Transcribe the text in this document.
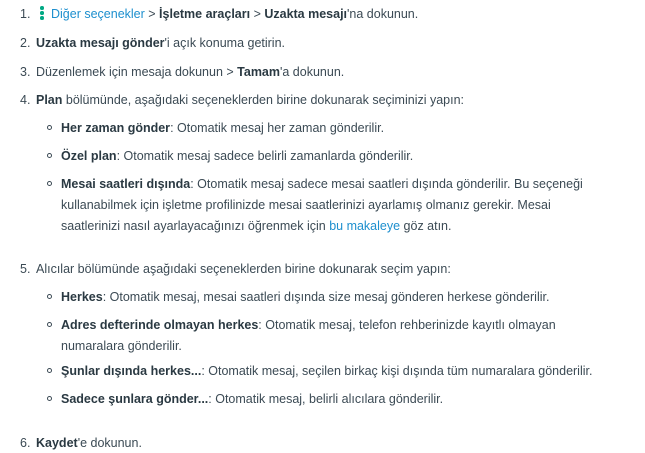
1.	Diğer seçenekler > İşletme araçları > Uzakta mesajı'na dokunun.
2. Uzakta mesajı gönder'i açık konuma getirin.
3. Düzenlemek için mesaja dokunun > Tamam'a dokunun.
4. Plan bölümünde, aşağıdaki seçeneklerden birine dokunarak seçiminizi yapın:
Her zaman gönder: Otomatik mesaj her zaman gönderilir.
Özel plan: Otomatik mesaj sadece belirli zamanlarda gönderilir.
Mesai saatleri dışında: Otomatik mesaj sadece mesai saatleri dışında gönderilir. Bu seçeneği
kullanabilmek için işletme profilinizde mesai saatlerinizi ayarlamış olmanız gerekir. Mesai
saatlerinizi nasıl ayarlayacağınızı öğrenmek için bu makaleye göz atın.
5. Alıcılar bölümünde aşağıdaki seçeneklerden birine dokunarak seçim yapın:
Herkes: Otomatik mesaj, mesai saatleri dışında size mesaj gönderen herkese gönderilir.
Adres defterinde olmayan herkes: Otomatik mesaj, telefon rehberinizde kayıtlı olmayan
numaralara gönderilir.
Şunlar dışında herkes...: Otomatik mesaj, seçilen birkaç kişi dışında tüm numaralara gönderilir.
Sadece şunlara gönder...: Otomatik mesaj, belirli alıcılara gönderilir.
6. Kaydet'e dokunun.
